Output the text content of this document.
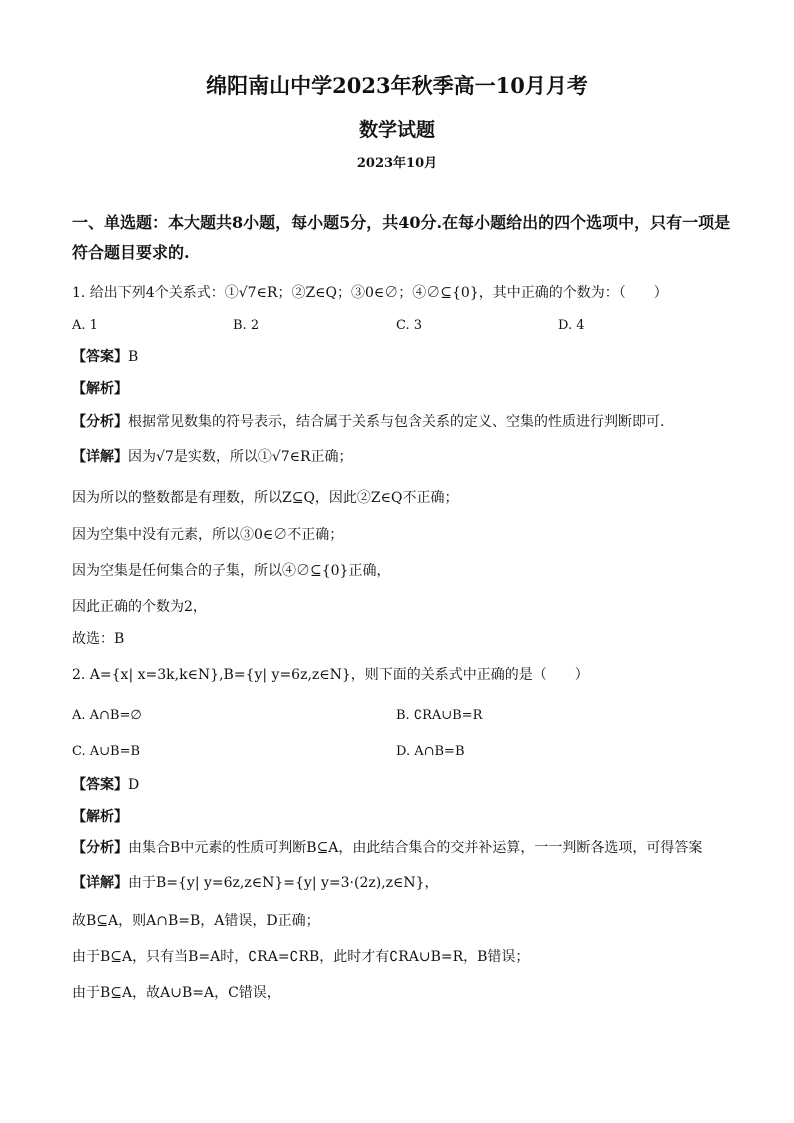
绵阳南山中学2023年秋季高一10月月考
数学试题
2023年10月
一、单选题：本大题共8小题，每小题5分，共40分.在每小题给出的四个选项中，只有一项是符合题目要求的.
1. 给出下列4个关系式：①√7∈R；②Z∈Q；③0∈∅；④∅⊆{0}，其中正确的个数为：（　　）
A. 1	B. 2	C. 3	D. 4
【答案】B
【解析】
【分析】根据常见数集的符号表示，结合属于关系与包含关系的定义、空集的性质进行判断即可.
【详解】因为√7是实数，所以①√7∈R正确；
因为所以的整数都是有理数，所以Z⊆Q，因此②Z∈Q不正确；
因为空集中没有元素，所以③0∈∅不正确；
因为空集是任何集合的子集，所以④∅⊆{0}正确，
因此正确的个数为2，
故选：B
2. A={x| x=3k,k∈N},B={y| y=6z,z∈N}，则下面的关系式中正确的是（　　）
A. A∩B=∅	B. ∁RA∪B=R
C. A∪B=B	D. A∩B=B
【答案】D
【解析】
【分析】由集合B中元素的性质可判断B⊆A，由此结合集合的交并补运算，一一判断各选项，可得答案
【详解】由于B={y| y=6z,z∈N}={y| y=3·(2z),z∈N}，
故B⊆A，则A∩B=B，A错误，D正确；
由于B⊆A，只有当B=A时，∁RA=∁RB，此时才有∁RA∪B=R，B错误；
由于B⊆A，故A∪B=A，C错误，
